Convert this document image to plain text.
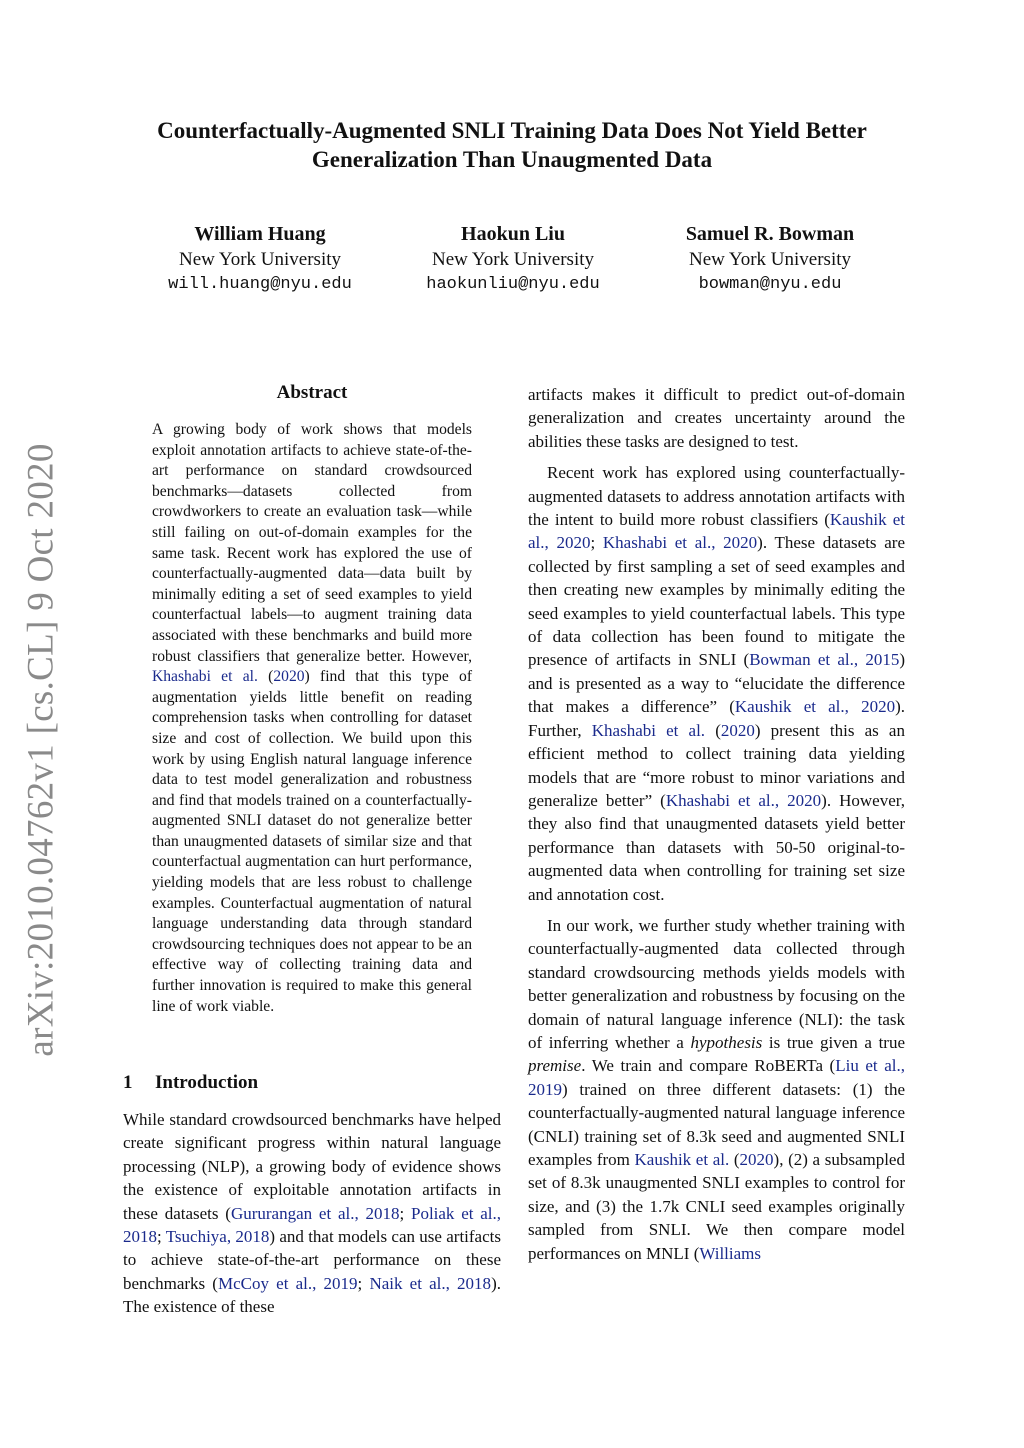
arXiv:2010.04762v1 [cs.CL] 9 Oct 2020
Counterfactually-Augmented SNLI Training Data Does Not Yield Better
Generalization Than Unaugmented Data
William Huang
New York University
will.huang@nyu.edu
Haokun Liu
New York University
haokunliu@nyu.edu
Samuel R. Bowman
New York University
bowman@nyu.edu
Abstract

A growing body of work shows that models exploit annotation artifacts to achieve state-of-the-art performance on standard crowdsourced benchmarks—datasets collected from crowdworkers to create an evaluation task—while still failing on out-of-domain examples for the same task. Recent work has explored the use of counterfactually-augmented data—data built by minimally editing a set of seed examples to yield counterfactual labels—to augment training data associated with these benchmarks and build more robust classifiers that generalize better. However, Khashabi et al. (2020) find that this type of augmentation yields little benefit on reading comprehension tasks when controlling for dataset size and cost of collection. We build upon this work by using English natural language inference data to test model generalization and robustness and find that models trained on a counterfactually-augmented SNLI dataset do not generalize better than unaugmented datasets of similar size and that counterfactual augmentation can hurt performance, yielding models that are less robust to challenge examples. Counterfactual augmentation of natural language understanding data through standard crowdsourcing techniques does not appear to be an effective way of collecting training data and further innovation is required to make this general line of work viable.

1 Introduction

While standard crowdsourced benchmarks have helped create significant progress within natural language processing (NLP), a growing body of evidence shows the existence of exploitable annotation artifacts in these datasets (Gururangan et al., 2018; Poliak et al., 2018; Tsuchiya, 2018) and that models can use artifacts to achieve state-of-the-art performance on these benchmarks (McCoy et al., 2019; Naik et al., 2018). The existence of these

artifacts makes it difficult to predict out-of-domain generalization and creates uncertainty around the abilities these tasks are designed to test.

Recent work has explored using counterfactually-augmented datasets to address annotation artifacts with the intent to build more robust classifiers (Kaushik et al., 2020; Khashabi et al., 2020). These datasets are collected by first sampling a set of seed examples and then creating new examples by minimally editing the seed examples to yield counterfactual labels. This type of data collection has been found to mitigate the presence of artifacts in SNLI (Bowman et al., 2015) and is presented as a way to “elucidate the difference that makes a difference” (Kaushik et al., 2020). Further, Khashabi et al. (2020) present this as an efficient method to collect training data yielding models that are “more robust to minor variations and generalize better” (Khashabi et al., 2020). However, they also find that unaugmented datasets yield better performance than datasets with 50-50 original-to-augmented data when controlling for training set size and annotation cost.

In our work, we further study whether training with counterfactually-augmented data collected through standard crowdsourcing methods yields models with better generalization and robustness by focusing on the domain of natural language inference (NLI): the task of inferring whether a hypothesis is true given a true premise. We train and compare RoBERTa (Liu et al., 2019) trained on three different datasets: (1) the counterfactually-augmented natural language inference (CNLI) training set of 8.3k seed and augmented SNLI examples from Kaushik et al. (2020), (2) a subsampled set of 8.3k unaugmented SNLI examples to control for size, and (3) the 1.7k CNLI seed examples originally sampled from SNLI. We then compare model performances on MNLI (Williams
